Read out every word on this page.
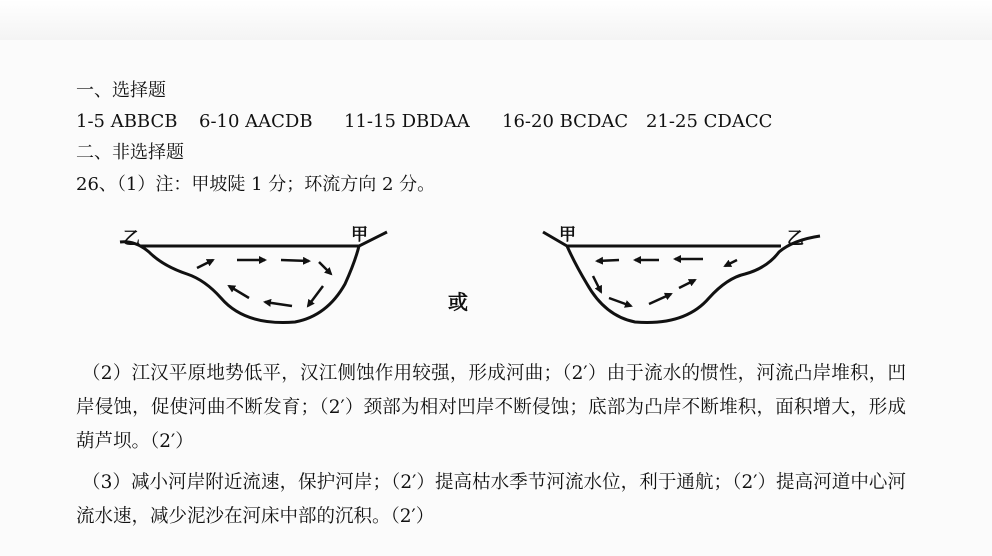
一、选择题
1-5 ABBCB 6-10 AACDB 11-15 DBDAA 16-20 BCDAC 21-25 CDACC
二、非选择题
26、（1）注：甲坡陡 1 分；环流方向 2 分。
乙	甲
或
甲	乙
（2）江汉平原地势低平，汉江侧蚀作用较强，形成河曲；（2′）由于流水的惯性，河流凸岸堆积，凹岸侵蚀，促使河曲不断发育；（2′）颈部为相对凹岸不断侵蚀；底部为凸岸不断堆积，面积增大，形成葫芦坝。（2′）
（3）减小河岸附近流速，保护河岸；（2′）提高枯水季节河流水位，利于通航；（2′）提高河道中心河流水速，减少泥沙在河床中部的沉积。（2′）
